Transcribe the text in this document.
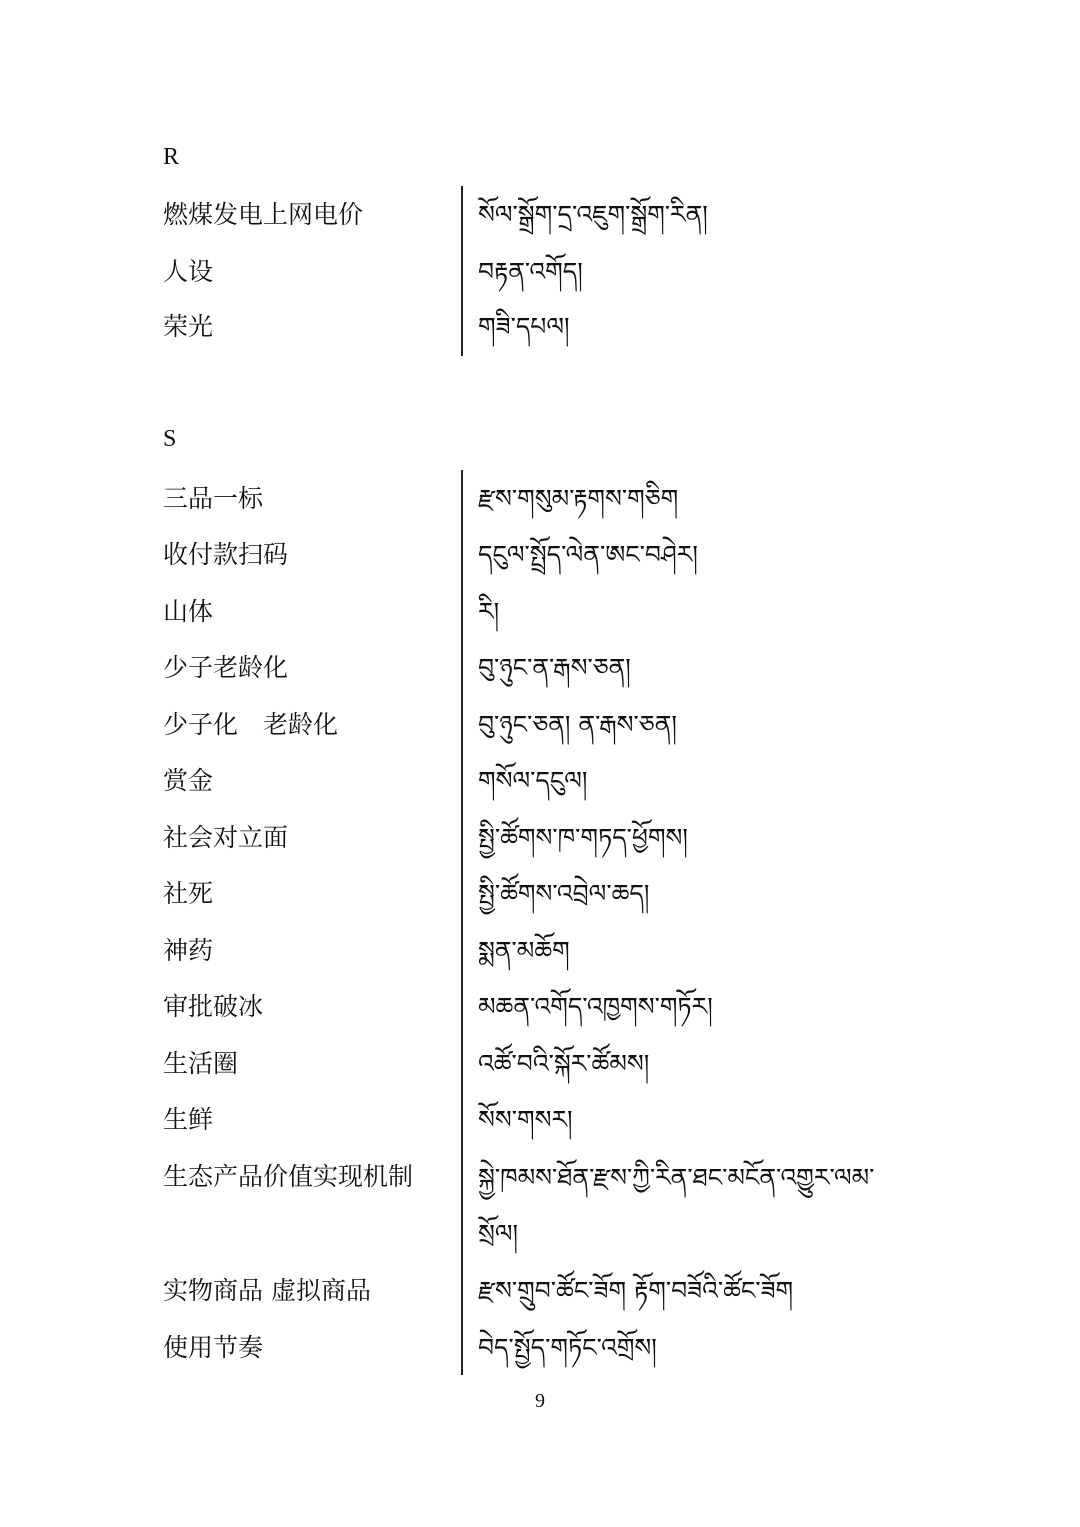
R
燃煤发电上网电价	སོལ་སྒྲོག་དྲ་འཇུག་སྒྲོག་རིན།
人设	བརྟན་འགོད།
荣光	གཟི་དཔལ།
S
三品一标	རྫས་གསུམ་རྟགས་གཅིག
收付款扫码	དངུལ་སྤྲོད་ལེན་ཨང་བཤེར།
山体	རི།
少子老龄化	བུ་ཉུང་ན་རྒས་ཅན།
少子化　老龄化	བུ་ཉུང་ཅན། ན་རྒས་ཅན།
赏金	གསོལ་དངུལ།
社会对立面	སྤྱི་ཚོགས་ཁ་གཏད་ཕྱོགས།
社死	སྤྱི་ཚོགས་འབྲེལ་ཆད།
神药	སྨན་མཆོག
审批破冰	མཆན་འགོད་འཁྱགས་གཏོར།
生活圈	འཚོ་བའི་སྐོར་ཚོམས།
生鲜	སོས་གསར།
生态产品价值实现机制	སྐྱེ་ཁམས་ཐོན་རྫས་ཀྱི་རིན་ཐང་མངོན་འགྱུར་ལམ་སྲོལ།
实物商品 虚拟商品	རྫས་གྲུབ་ཚོང་ཟོག རྟོག་བཟོའི་ཚོང་ཟོག
使用节奏	བེད་སྤྱོད་གཏོང་འགྲོས།
9
